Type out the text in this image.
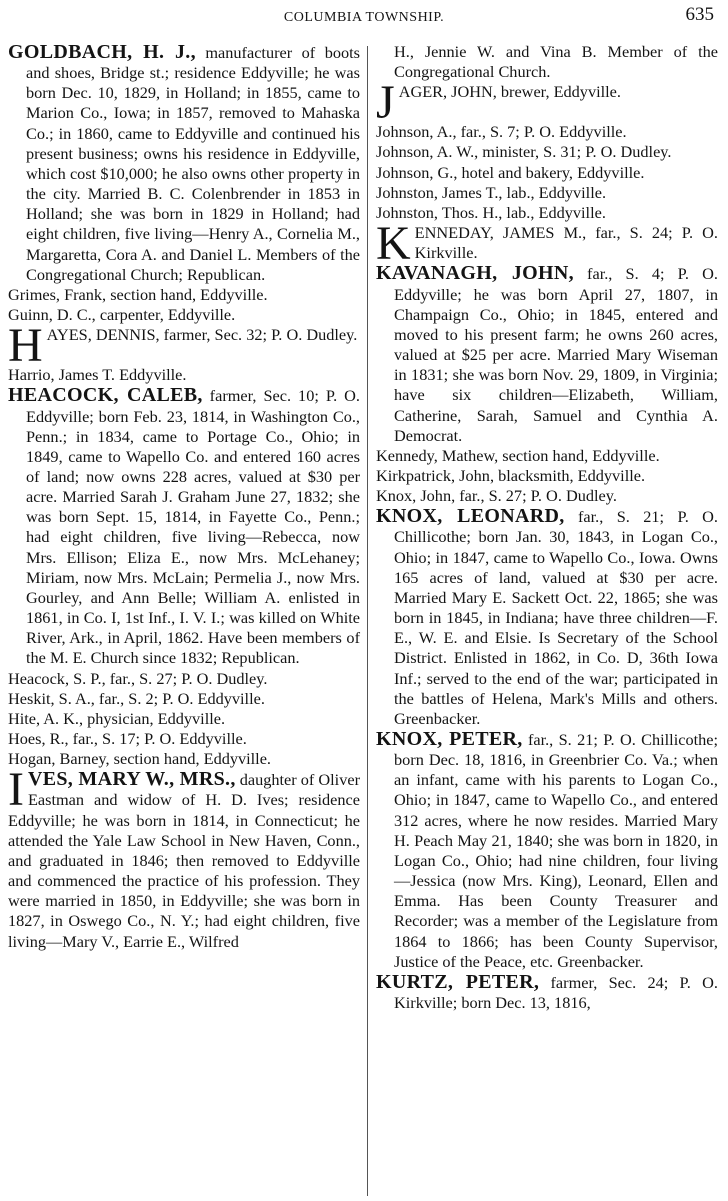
COLUMBIA TOWNSHIP.	635

GOLDBACH, H. J., manufacturer of boots and shoes, Bridge st.; residence Eddyville; he was born Dec. 10, 1829, in Holland; in 1855, came to Marion Co., Iowa; in 1857, removed to Mahaska Co.; in 1860, came to Eddyville and continued his present business; owns his residence in Eddyville, which cost $10,000; he also owns other property in the city. Married B. C. Colenbrender in 1853 in Holland; she was born in 1829 in Holland; had eight children, five living—Henry A., Cornelia M., Margaretta, Cora A. and Daniel L. Members of the Congregational Church; Republican.

Grimes, Frank, section hand, Eddyville.

Guinn, D. C., carpenter, Eddyville.

HAYES, DENNIS, farmer, Sec. 32; P. O. Dudley.

Harrio, James T. Eddyville.

HEACOCK, CALEB, farmer, Sec. 10; P. O. Eddyville; born Feb. 23, 1814, in Washington Co., Penn.; in 1834, came to Portage Co., Ohio; in 1849, came to Wapello Co. and entered 160 acres of land; now owns 228 acres, valued at $30 per acre. Married Sarah J. Graham June 27, 1832; she was born Sept. 15, 1814, in Fayette Co., Penn.; had eight children, five living—Rebecca, now Mrs. Ellison; Eliza E., now Mrs. McLehaney; Miriam, now Mrs. McLain; Permelia J., now Mrs. Gourley, and Ann Belle; William A. enlisted in 1861, in Co. I, 1st Inf., I. V. I.; was killed on White River, Ark., in April, 1862. Have been members of the M. E. Church since 1832; Republican.

Heacock, S. P., far., S. 27; P. O. Dudley.

Heskit, S. A., far., S. 2; P. O. Eddyville.

Hite, A. K., physician, Eddyville.

Hoes, R., far., S. 17; P. O. Eddyville.

Hogan, Barney, section hand, Eddyville.

IVES, MARY W., MRS., daughter of Oliver Eastman and widow of H. D. Ives; residence Eddyville; he was born in 1814, in Connecticut; he attended the Yale Law School in New Haven, Conn., and graduated in 1846; then removed to Eddyville and commenced the practice of his profession. They were married in 1850, in Eddyville; she was born in 1827, in Oswego Co., N. Y.; had eight children, five living—Mary V., Earrie E., Wilfred

H., Jennie W. and Vina B. Member of the Congregational Church.

JAGER, JOHN, brewer, Eddyville.

Johnson, A., far., S. 7; P. O. Eddyville.

Johnson, A. W., minister, S. 31; P. O. Dudley.

Johnson, G., hotel and bakery, Eddyville.

Johnston, James T., lab., Eddyville.

Johnston, Thos. H., lab., Eddyville.

KENNEDAY, JAMES M., far., S. 24; P. O. Kirkville.

KAVANAGH, JOHN, far., S. 4; P. O. Eddyville; he was born April 27, 1807, in Champaign Co., Ohio; in 1845, entered and moved to his present farm; he owns 260 acres, valued at $25 per acre. Married Mary Wiseman in 1831; she was born Nov. 29, 1809, in Virginia; have six children—Elizabeth, William, Catherine, Sarah, Samuel and Cynthia A. Democrat.

Kennedy, Mathew, section hand, Eddyville.

Kirkpatrick, John, blacksmith, Eddyville.

Knox, John, far., S. 27; P. O. Dudley.

KNOX, LEONARD, far., S. 21; P. O. Chillicothe; born Jan. 30, 1843, in Logan Co., Ohio; in 1847, came to Wapello Co., Iowa. Owns 165 acres of land, valued at $30 per acre. Married Mary E. Sackett Oct. 22, 1865; she was born in 1845, in Indiana; have three children—F. E., W. E. and Elsie. Is Secretary of the School District. Enlisted in 1862, in Co. D, 36th Iowa Inf.; served to the end of the war; participated in the battles of Helena, Mark's Mills and others. Greenbacker.

KNOX, PETER, far., S. 21; P. O. Chillicothe; born Dec. 18, 1816, in Greenbrier Co. Va.; when an infant, came with his parents to Logan Co., Ohio; in 1847, came to Wapello Co., and entered 312 acres, where he now resides. Married Mary H. Peach May 21, 1840; she was born in 1820, in Logan Co., Ohio; had nine children, four living—Jessica (now Mrs. King), Leonard, Ellen and Emma. Has been County Treasurer and Recorder; was a member of the Legislature from 1864 to 1866; has been County Supervisor, Justice of the Peace, etc. Greenbacker.

KURTZ, PETER, farmer, Sec. 24; P. O. Kirkville; born Dec. 13, 1816,
